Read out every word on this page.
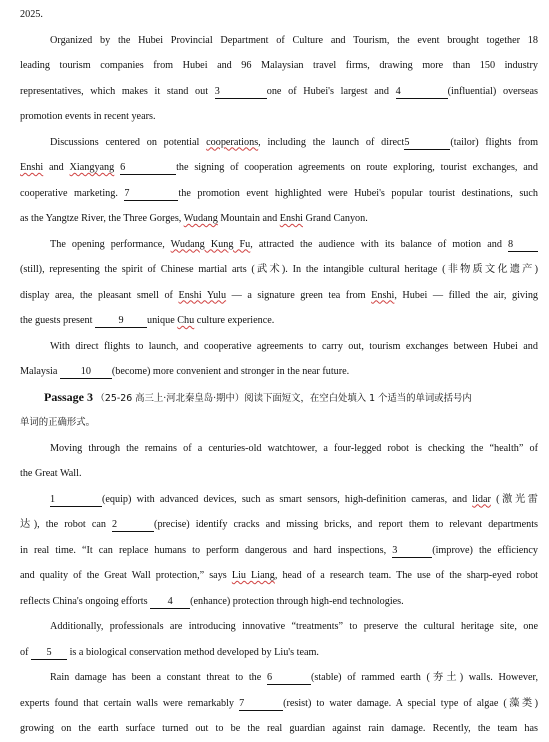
2025.
Organized by the Hubei Provincial Department of Culture and Tourism, the event brought together 18
leading tourism companies from Hubei and 96 Malaysian travel firms, drawing more than 150 industry
representatives, which makes it stand out 3	one of Hubei's largest and 4	(influential) overseas
promotion events in recent years.
Discussions centered on potential cooperations, including the launch of direct5	(tailor) flights from
Enshi and Xiangyang 6	the signing of cooperation agreements on route exploring, tourist exchanges, and
cooperative marketing. 7	the promotion event highlighted were Hubei's popular tourist destinations, such
as the Yangtze River, the Three Gorges, Wudang Mountain and Enshi Grand Canyon.
The opening performance, Wudang Kung Fu, attracted the audience with its balance of motion and 8
(still), representing the spirit of Chinese martial arts (武术). In the intangible cultural heritage (非物质文化遗产)
display area, the pleasant smell of Enshi Yulu — a signature green tea from Enshi, Hubei — filled the air, giving
the guests present	9 unique Chu culture experience.
With direct flights to launch, and cooperative agreements to carry out, tourism exchanges between Hubei and
Malaysia 10 (become) more convenient and stronger in the near future.
Passage 3 （25-26 高三上·河北秦皇岛·期中）阅读下面短文，在空白处填入 1 个适当的单词或括号内
单词的正确形式。
Moving through the remains of a centuries-old watchtower, a four-legged robot is checking the “health” of
the Great Wall.
1	(equip) with advanced devices, such as smart sensors, high-definition cameras, and lidar (激光雷
达), the robot can 2	(precise) identify cracks and missing bricks, and report them to relevant departments
in real time. “It can replace humans to perform dangerous and hard inspections, 3	(improve) the efficiency
and quality of the Great Wall protection,” says Liu Liang, head of a research team. The use of the sharp-eyed robot
reflects China's ongoing efforts 4 (enhance) protection through high-end technologies.
Additionally, professionals are introducing innovative “treatments” to preserve the cultural heritage site, one
of 5 is a biological conservation method developed by Liu's team.
Rain damage has been a constant threat to the 6	(stable) of rammed earth (夯土) walls. However,
experts found that certain walls were remarkably 7	(resist) to water damage. A special type of algae (藻类)
growing on the earth surface turned out to be the real guardian against rain damage. Recently, the team has
